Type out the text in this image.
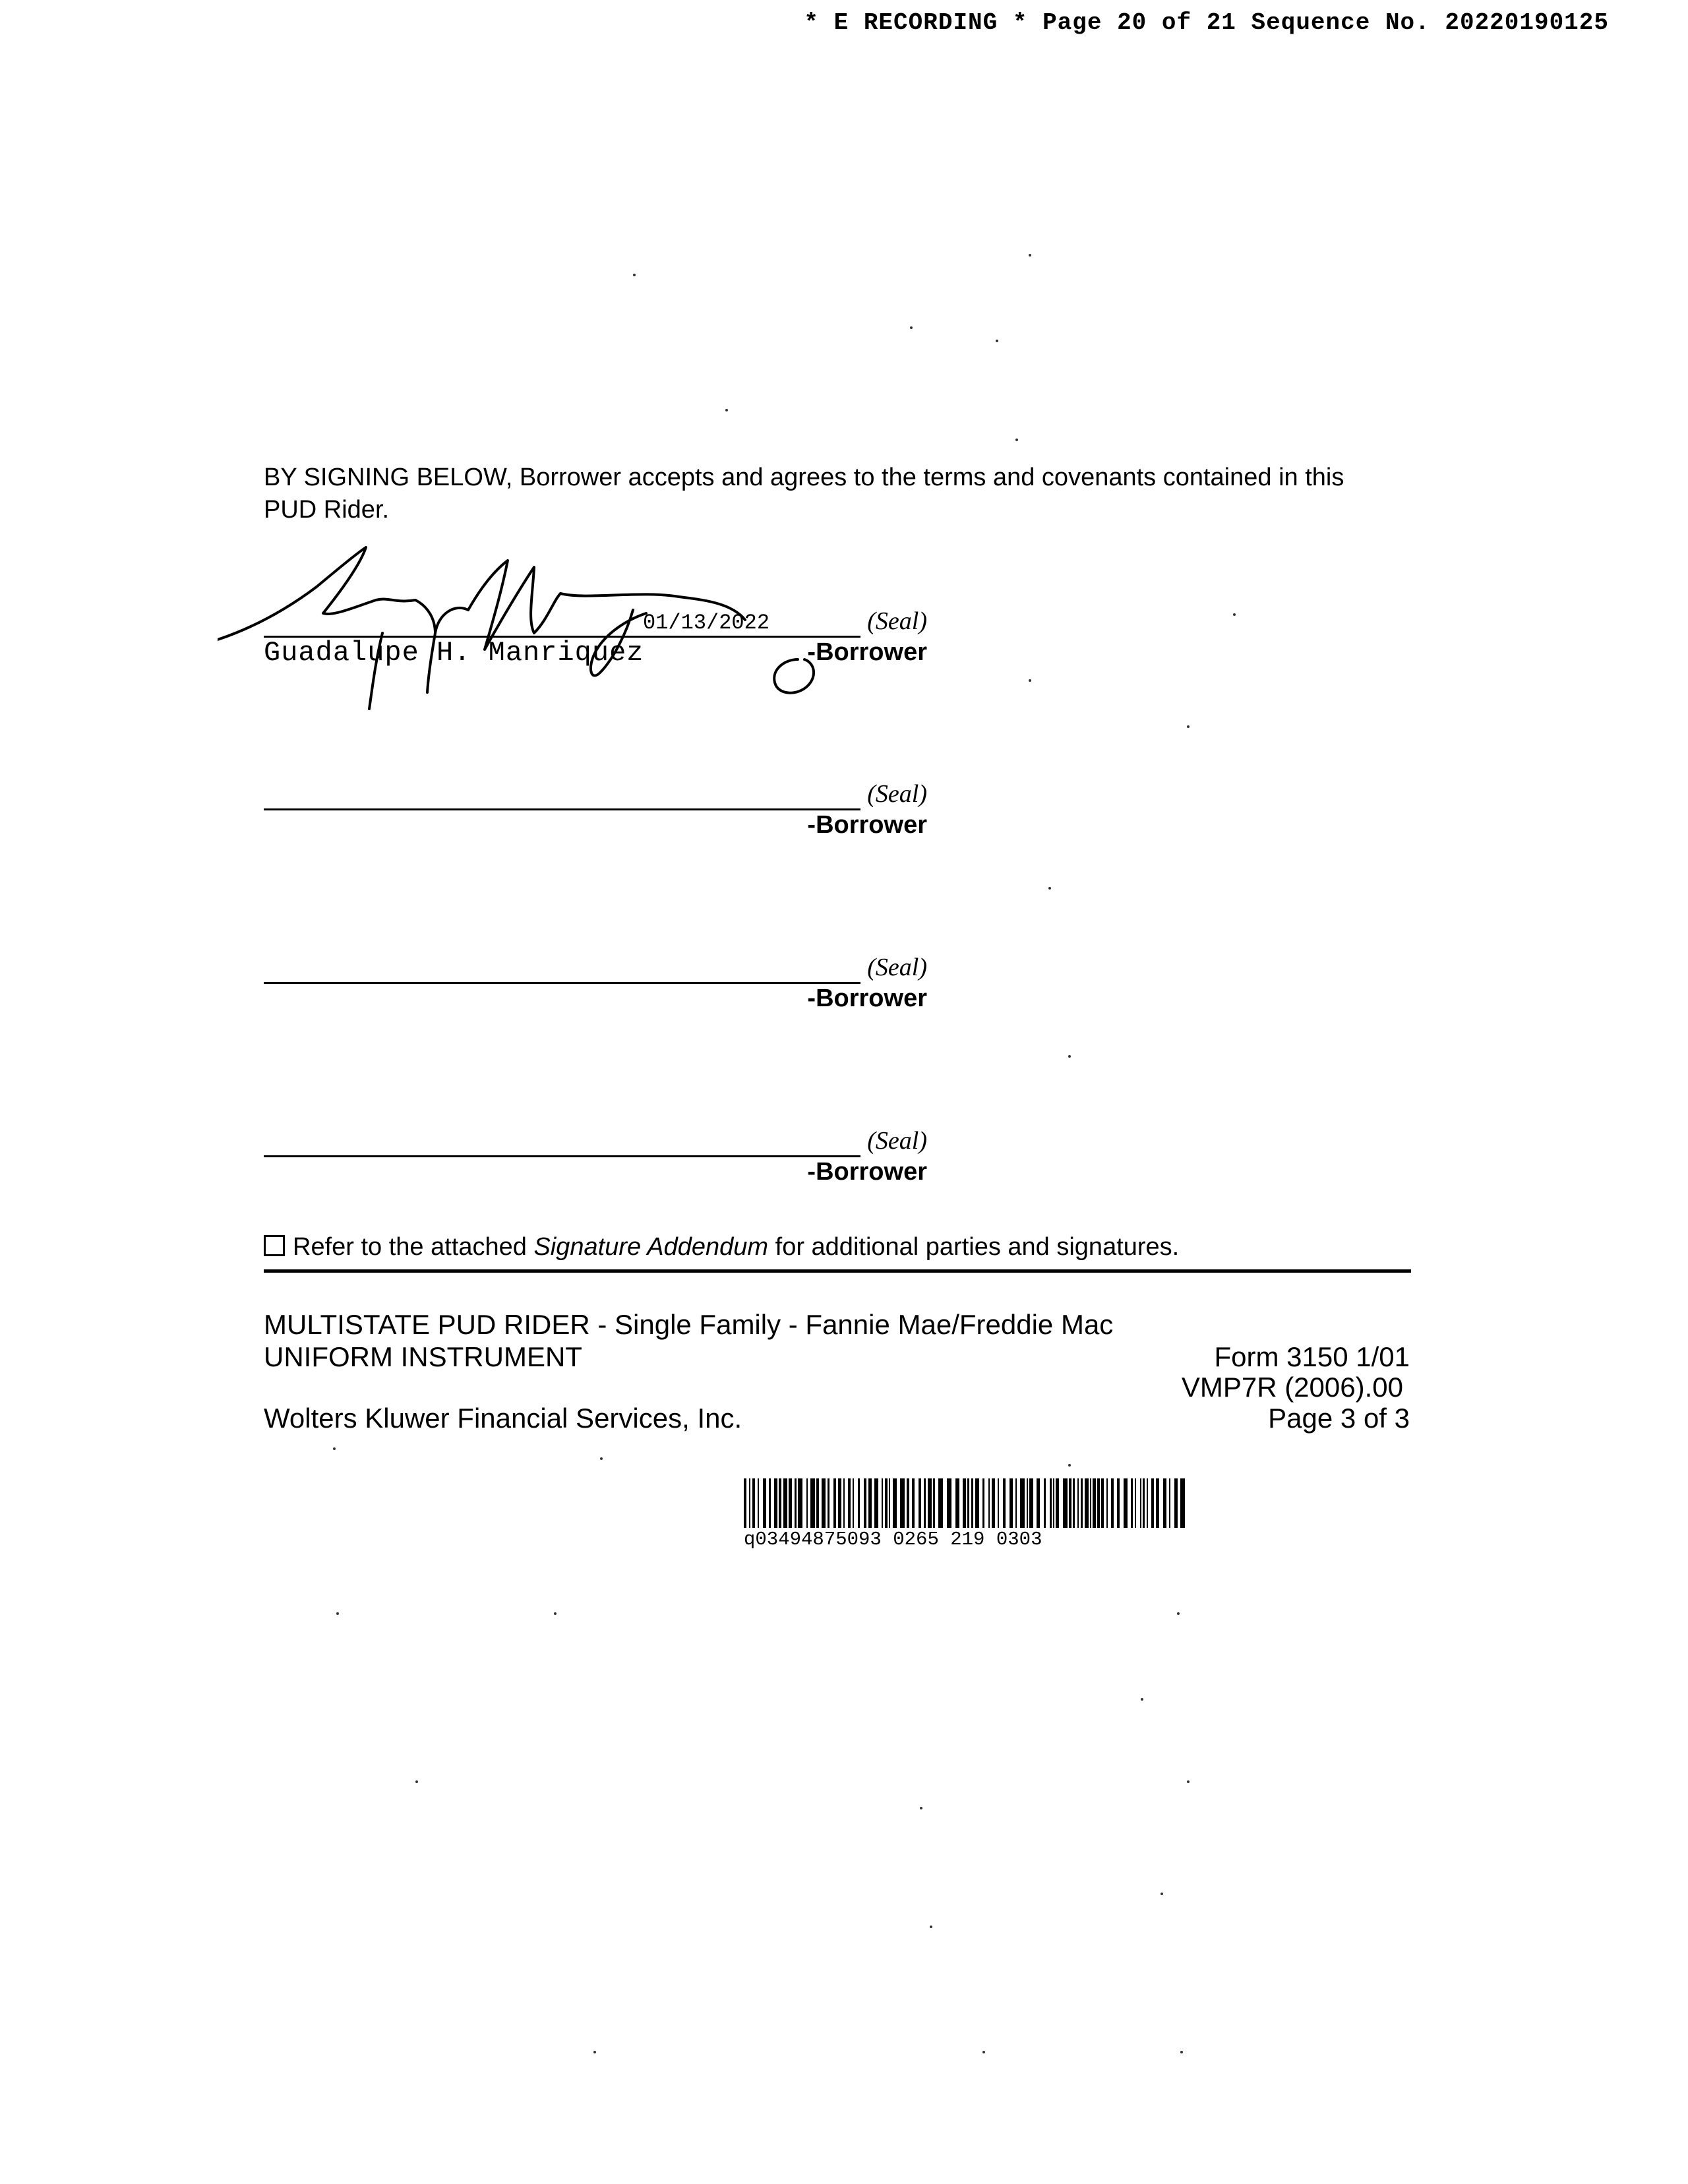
* E RECORDING * Page 20 of 21 Sequence No. 20220190125
BY SIGNING BELOW, Borrower accepts and agrees to the terms and covenants contained in this PUD Rider.
01/13/2022	(Seal)
Guadalupe H. Manriquez	-Borrower
(Seal)
-Borrower
(Seal)
-Borrower
(Seal)
-Borrower
Refer to the attached Signature Addendum for additional parties and signatures.
MULTISTATE PUD RIDER - Single Family - Fannie Mae/Freddie Mac
UNIFORM INSTRUMENT	Form 3150 1/01
VMP7R (2006).00
Wolters Kluwer Financial Services, Inc.	Page 3 of 3
q03494875093 0265 219 0303
